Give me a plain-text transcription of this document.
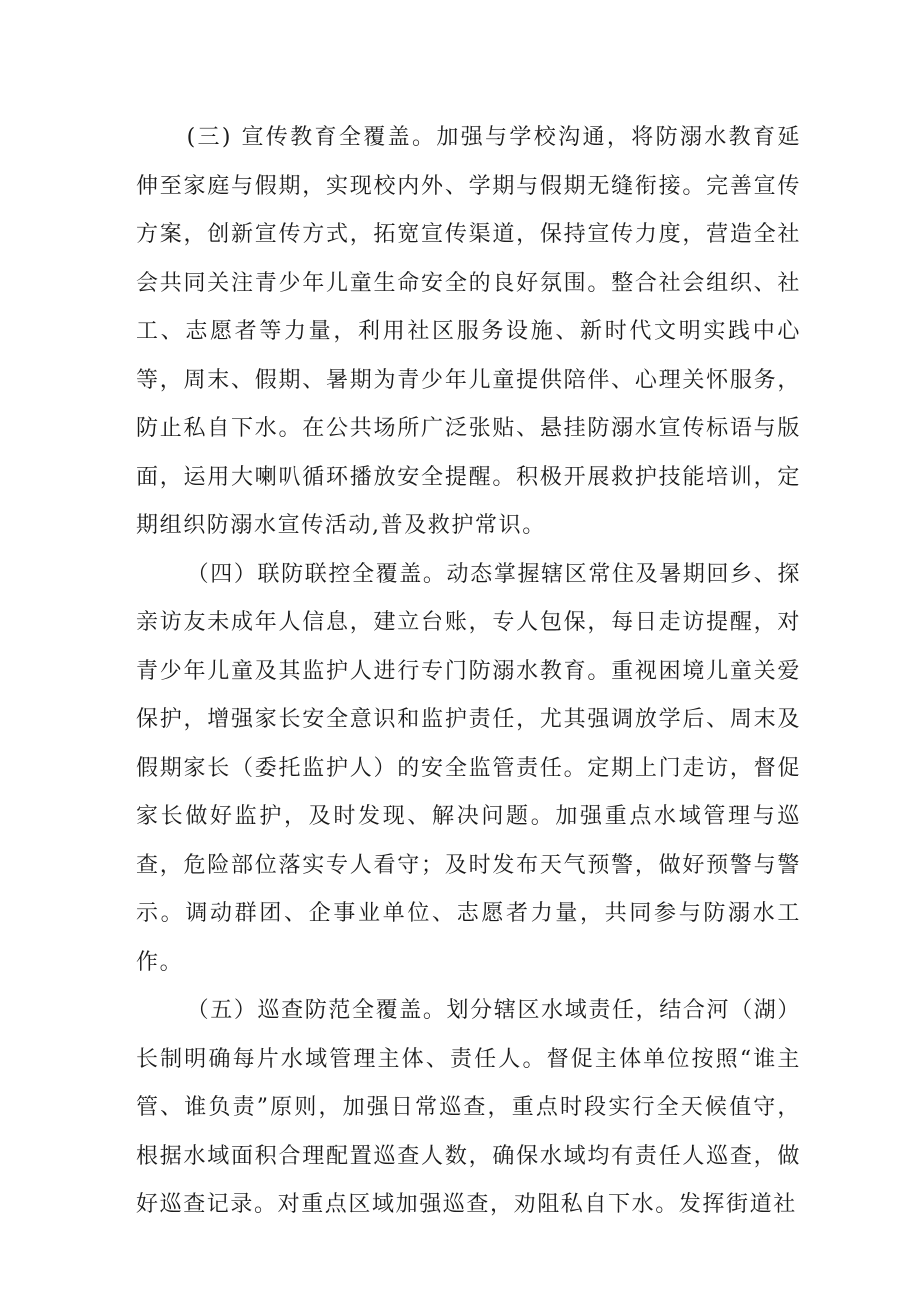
(三) 宣传教育全覆盖。加强与学校沟通，将防溺水教育延伸至家庭与假期，实现校内外、学期与假期无缝衔接。完善宣传方案，创新宣传方式，拓宽宣传渠道，保持宣传力度，营造全社会共同关注青少年儿童生命安全的良好氛围。整合社会组织、社工、志愿者等力量，利用社区服务设施、新时代文明实践中心等，周末、假期、暑期为青少年儿童提供陪伴、心理关怀服务，防止私自下水。在公共场所广泛张贴、悬挂防溺水宣传标语与版面，运用大喇叭循环播放安全提醒。积极开展救护技能培训，定期组织防溺水宣传活动,普及救护常识。

（四）联防联控全覆盖。动态掌握辖区常住及暑期回乡、探亲访友未成年人信息，建立台账，专人包保，每日走访提醒，对青少年儿童及其监护人进行专门防溺水教育。重视困境儿童关爱保护，增强家长安全意识和监护责任，尤其强调放学后、周末及假期家长（委托监护人）的安全监管责任。定期上门走访，督促家长做好监护，及时发现、解决问题。加强重点水域管理与巡查，危险部位落实专人看守；及时发布天气预警，做好预警与警示。调动群团、企事业单位、志愿者力量，共同参与防溺水工作。

（五）巡查防范全覆盖。划分辖区水域责任，结合河（湖）长制明确每片水域管理主体、责任人。督促主体单位按照“谁主管、谁负责”原则，加强日常巡查，重点时段实行全天候值守，根据水域面积合理配置巡查人数，确保水域均有责任人巡查，做好巡查记录。对重点区域加强巡查，劝阻私自下水。发挥街道社
